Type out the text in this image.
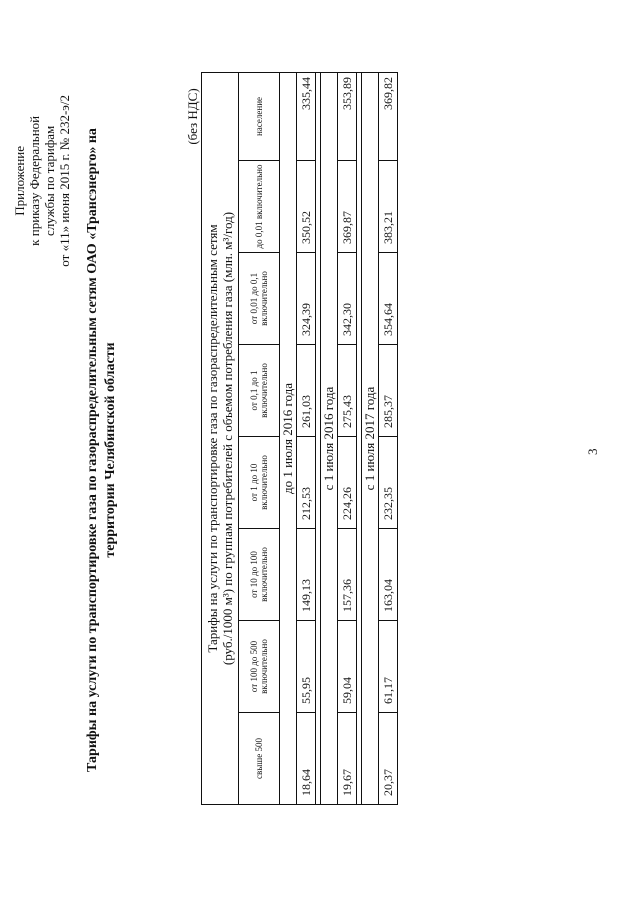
Приложение к приказу Федеральной службы по тарифам от «11» июня 2015 г. № 232-э/2 Тарифы на услуги по транспортировке газа по газораспределительным сетям ОАО «Трансэнерго» на территории Челябинской области
							(без НДС)

Тарифы на услуги по транспортировке газа по газораспределительным сетям (руб./1000 м³) по группам потребителей с объемом потребления газа (млн. м³/год)							

свыше 500	от 100 до 500 включительно	от 10 до 100 включительно	от 1 до 10 включительно	от 0,1 до 1 включительно	от 0,01 до 0,1 включительно	до 0,01 включительно	население
до 1 июля 2016 года							
18,64	55,95	149,13	212,53	261,03	324,39	350,52	335,44

с 1 июля 2016 года							
19,67	59,04	157,36	224,26	275,43	342,30	369,87	353,89

с 1 июля 2017 года							
20,37	61,17	163,04	232,35	285,37	354,64	383,21	369,82
3
